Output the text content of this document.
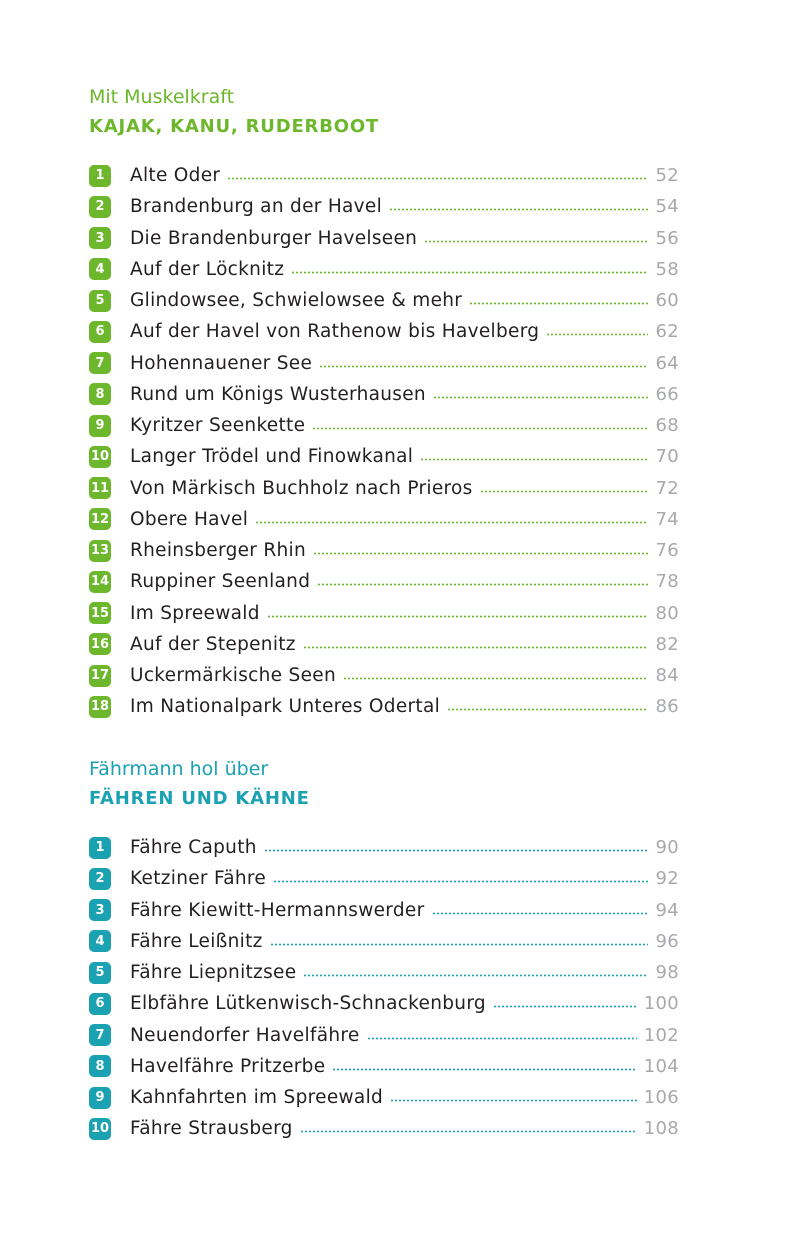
Mit Muskelkraft
KAJAK, KANU, RUDERBOOT
1	Alte Oder	52
2	Brandenburg an der Havel	54
3	Die Brandenburger Havelseen	56
4	Auf der Löcknitz	58
5	Glindowsee, Schwielowsee & mehr	60
6	Auf der Havel von Rathenow bis Havelberg	62
7	Hohennauener See	64
8	Rund um Königs Wusterhausen	66
9	Kyritzer Seenkette	68
10 Langer Trödel und Finowkanal	70
11 Von Märkisch Buchholz nach Prieros	72
12 Obere Havel	74
13 Rheinsberger Rhin	76
14 Ruppiner Seenland	78
15 Im Spreewald	80
16 Auf der Stepenitz	82
17 Uckermärkische Seen	84
18 Im Nationalpark Unteres Odertal	86
Fährmann hol über
FÄHREN UND KÄHNE
1	Fähre Caputh	90
2	Ketziner Fähre	92
3	Fähre Kiewitt-Hermannswerder	94
4	Fähre Leißnitz	96
5	Fähre Liepnitzsee	98
6	Elbfähre Lütkenwisch-Schnackenburg	100
7	Neuendorfer Havelfähre	102
8	Havelfähre Pritzerbe	104
9	Kahnfahrten im Spreewald	106
10 Fähre Strausberg	108
